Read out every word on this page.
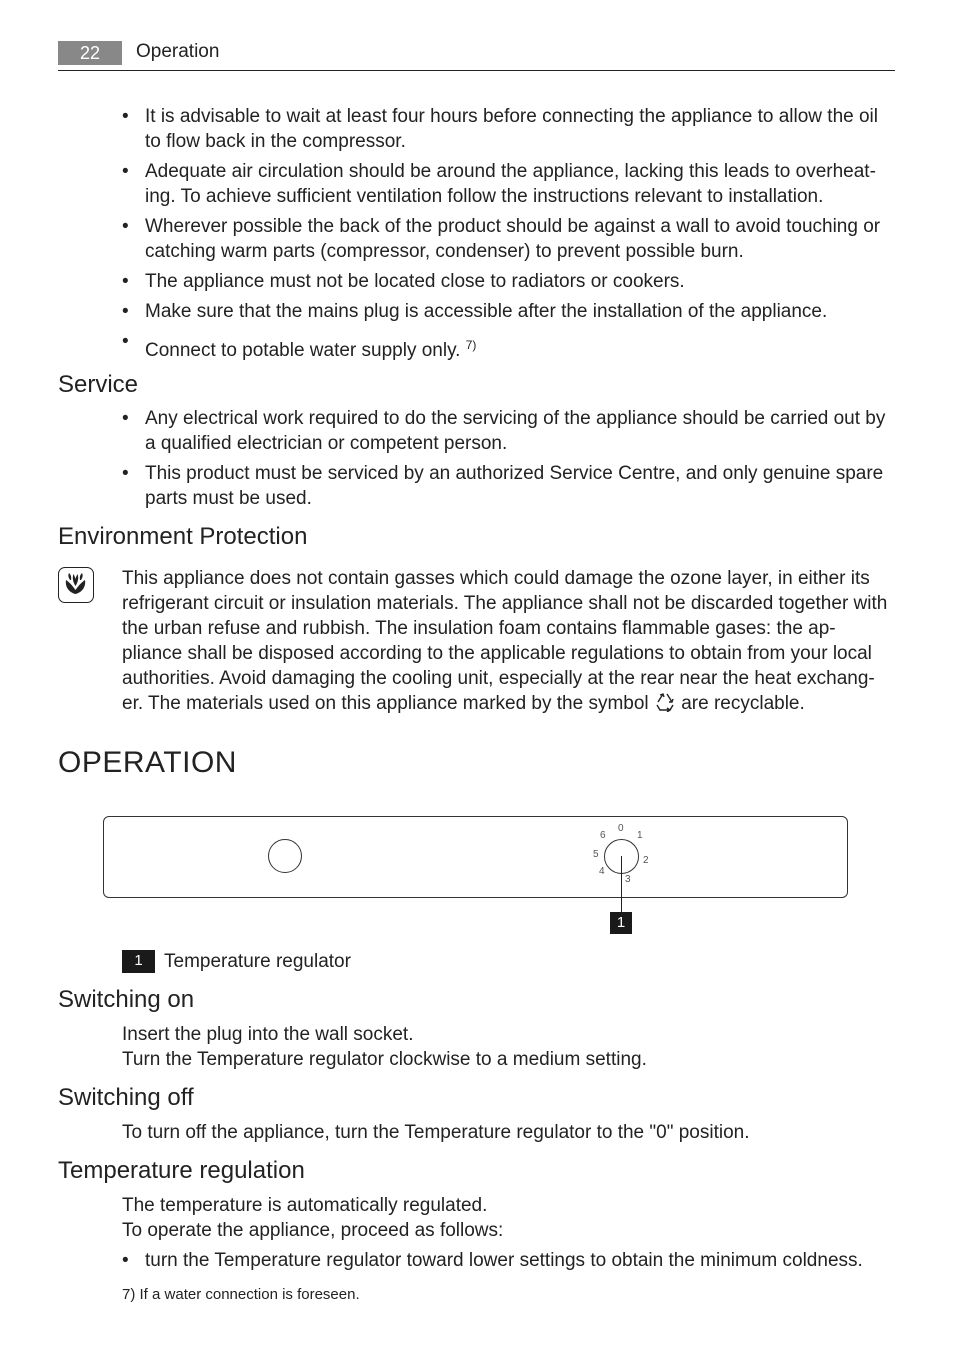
22	Operation
• It is advisable to wait at least four hours before connecting the appliance to allow the oil to flow back in the compressor.
• Adequate air circulation should be around the appliance, lacking this leads to overheat-ing. To achieve sufficient ventilation follow the instructions relevant to installation.
• Wherever possible the back of the product should be against a wall to avoid touching or catching warm parts (compressor, condenser) to prevent possible burn.
• The appliance must not be located close to radiators or cookers.
• Make sure that the mains plug is accessible after the installation of the appliance.
• Connect to potable water supply only. $^{7)}$
Service
• Any electrical work required to do the servicing of the appliance should be carried out by a qualified electrician or competent person.
• This product must be serviced by an authorized Service Centre, and only genuine spare parts must be used.
Environment Protection
This appliance does not contain gasses which could damage the ozone layer, in either its refrigerant circuit or insulation materials. The appliance shall not be discarded together with the urban refuse and rubbish. The insulation foam contains flammable gases: the ap-pliance shall be disposed according to the applicable regulations to obtain from your local authorities. Avoid damaging the cooling unit, especially at the rear near the heat exchang-er. The materials used on this appliance marked by the symbol are recyclable.
OPERATION
0
1
2
3
4
5
6
1
1	Temperature regulator
Switching on
Insert the plug into the wall socket.
Turn the Temperature regulator clockwise to a medium setting.
Switching off
To turn off the appliance, turn the Temperature regulator to the "0" position.
Temperature regulation
The temperature is automatically regulated.
To operate the appliance, proceed as follows:
• turn the Temperature regulator toward lower settings to obtain the minimum coldness.
7) If a water connection is foreseen.
